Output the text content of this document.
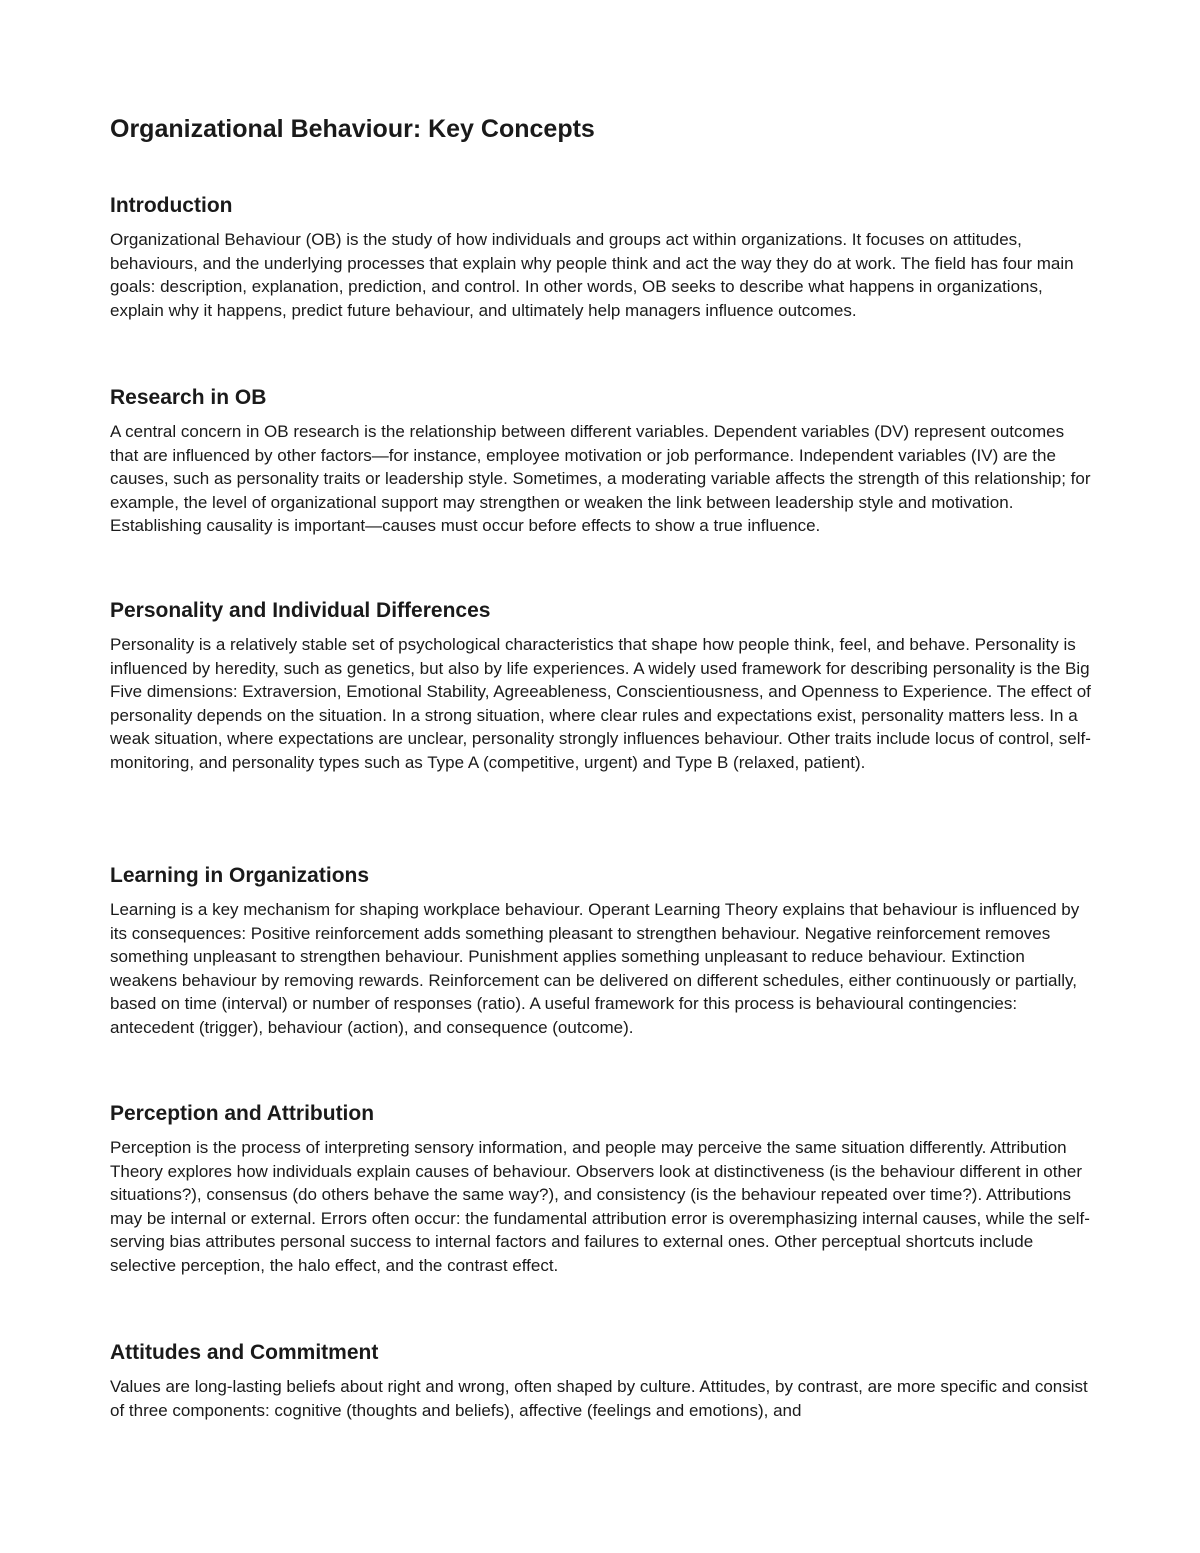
Organizational Behaviour: Key Concepts
Introduction

Organizational Behaviour (OB) is the study of how individuals and groups act within organizations. It focuses on attitudes, behaviours, and the underlying processes that explain why people think and act the way they do at work. The field has four main goals: description, explanation, prediction, and control. In other words, OB seeks to describe what happens in organizations, explain why it happens, predict future behaviour, and ultimately help managers influence outcomes.

Research in OB

A central concern in OB research is the relationship between different variables. Dependent variables (DV) represent outcomes that are influenced by other factors—for instance, employee motivation or job performance. Independent variables (IV) are the causes, such as personality traits or leadership style. Sometimes, a moderating variable affects the strength of this relationship; for example, the level of organizational support may strengthen or weaken the link between leadership style and motivation. Establishing causality is important—causes must occur before effects to show a true influence.

Personality and Individual Differences

Personality is a relatively stable set of psychological characteristics that shape how people think, feel, and behave. Personality is influenced by heredity, such as genetics, but also by life experiences. A widely used framework for describing personality is the Big Five dimensions: Extraversion, Emotional Stability, Agreeableness, Conscientiousness, and Openness to Experience. The effect of personality depends on the situation. In a strong situation, where clear rules and expectations exist, personality matters less. In a weak situation, where expectations are unclear, personality strongly influences behaviour. Other traits include locus of control, self-monitoring, and personality types such as Type A (competitive, urgent) and Type B (relaxed, patient).

Learning in Organizations

Learning is a key mechanism for shaping workplace behaviour. Operant Learning Theory explains that behaviour is influenced by its consequences: Positive reinforcement adds something pleasant to strengthen behaviour. Negative reinforcement removes something unpleasant to strengthen behaviour. Punishment applies something unpleasant to reduce behaviour. Extinction weakens behaviour by removing rewards. Reinforcement can be delivered on different schedules, either continuously or partially, based on time (interval) or number of responses (ratio). A useful framework for this process is behavioural contingencies: antecedent (trigger), behaviour (action), and consequence (outcome).

Perception and Attribution

Perception is the process of interpreting sensory information, and people may perceive the same situation differently. Attribution Theory explores how individuals explain causes of behaviour. Observers look at distinctiveness (is the behaviour different in other situations?), consensus (do others behave the same way?), and consistency (is the behaviour repeated over time?). Attributions may be internal or external. Errors often occur: the fundamental attribution error is overemphasizing internal causes, while the self-serving bias attributes personal success to internal factors and failures to external ones. Other perceptual shortcuts include selective perception, the halo effect, and the contrast effect.

Attitudes and Commitment

Values are long-lasting beliefs about right and wrong, often shaped by culture. Attitudes, by contrast, are more specific and consist of three components: cognitive (thoughts and beliefs), affective (feelings and emotions), and
